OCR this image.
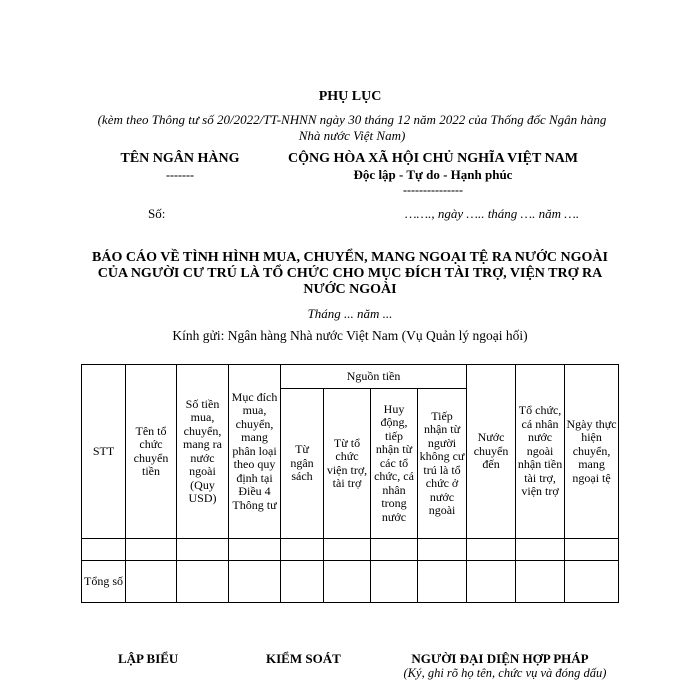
PHỤ LỤC
(kèm theo Thông tư số 20/2022/TT-NHNN ngày 30 tháng 12 năm 2022 của Thống đốc Ngân hàng Nhà nước Việt Nam)
TÊN NGÂN HÀNG
-------
CỘNG HÒA XÃ HỘI CHỦ NGHĨA VIỆT NAM
Độc lập - Tự do - Hạnh phúc
---------------
Số:	……., ngày ….. tháng …. năm ….
BÁO CÁO VỀ TÌNH HÌNH MUA, CHUYỂN, MANG NGOẠI TỆ RA NƯỚC NGOÀI CỦA NGƯỜI CƯ TRÚ LÀ TỔ CHỨC CHO MỤC ĐÍCH TÀI TRỢ, VIỆN TRỢ RA NƯỚC NGOÀI
Tháng ... năm ...
Kính gửi: Ngân hàng Nhà nước Việt Nam (Vụ Quản lý ngoại hối)
STT	Tên tổ chức chuyển tiền	Số tiền mua, chuyển, mang ra nước ngoài (Quy USD)	Mục đích mua, chuyển, mang phân loại theo quy định tại Điều 4 Thông tư	Nguồn tiền				Nước chuyển đến	Tổ chức, cá nhân nước ngoài nhận tiền tài trợ, viện trợ	Ngày thực hiện chuyển, mang ngoại tệ
				Từ ngân sách	Từ tổ chức viện trợ, tài trợ	Huy động, tiếp nhận từ các tổ chức, cá nhân trong nước	Tiếp nhận từ người không cư trú là tổ chức ở nước ngoài			

Tổng số										
LẬP BIỂU	KIỂM SOÁT	NGƯỜI ĐẠI DIỆN HỢP PHÁP
(Ký, ghi rõ họ tên, chức vụ và đóng dấu)
